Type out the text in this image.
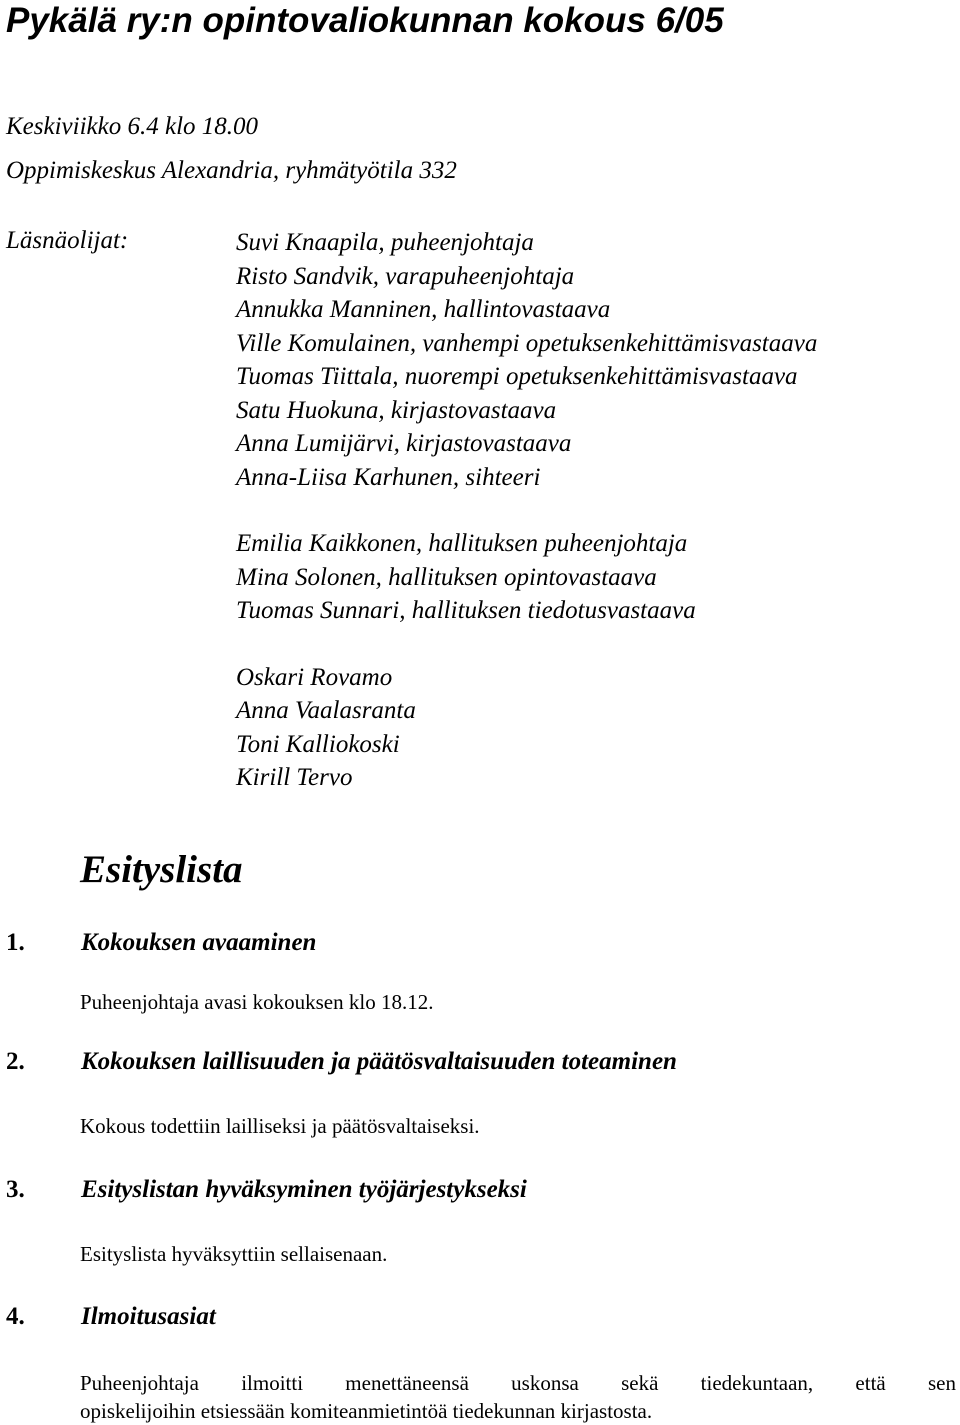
Pykälä ry:n opintovaliokunnan kokous 6/05
Keskiviikko 6.4 klo 18.00
Oppimiskeskus Alexandria, ryhmätyötila 332
Läsnäolijat:	Suvi Knaapila, puheenjohtaja
Risto Sandvik, varapuheenjohtaja
Annukka Manninen, hallintovastaava
Ville Komulainen, vanhempi opetuksenkehittämisvastaava
Tuomas Tiittala, nuorempi opetuksenkehittämisvastaava
Satu Huokuna, kirjastovastaava
Anna Lumijärvi, kirjastovastaava
Anna-Liisa Karhunen, sihteeri
Emilia Kaikkonen, hallituksen puheenjohtaja
Mina Solonen, hallituksen opintovastaava
Tuomas Sunnari, hallituksen tiedotusvastaava
Oskari Rovamo
Anna Vaalasranta
Toni Kalliokoski
Kirill Tervo
Esityslista
1. Kokouksen avaaminen

Puheenjohtaja avasi kokouksen klo 18.12.

2. Kokouksen laillisuuden ja päätösvaltaisuuden toteaminen

Kokous todettiin lailliseksi ja päätösvaltaiseksi.

3. Esityslistan hyväksyminen työjärjestykseksi

Esityslista hyväksyttiin sellaisenaan.

4. Ilmoitusasiat

Puheenjohtaja ilmoitti menettäneensä uskonsa sekä tiedekuntaan, että sen

opiskelijoihin etsiessään komiteanmietintöä tiedekunnan kirjastosta.
